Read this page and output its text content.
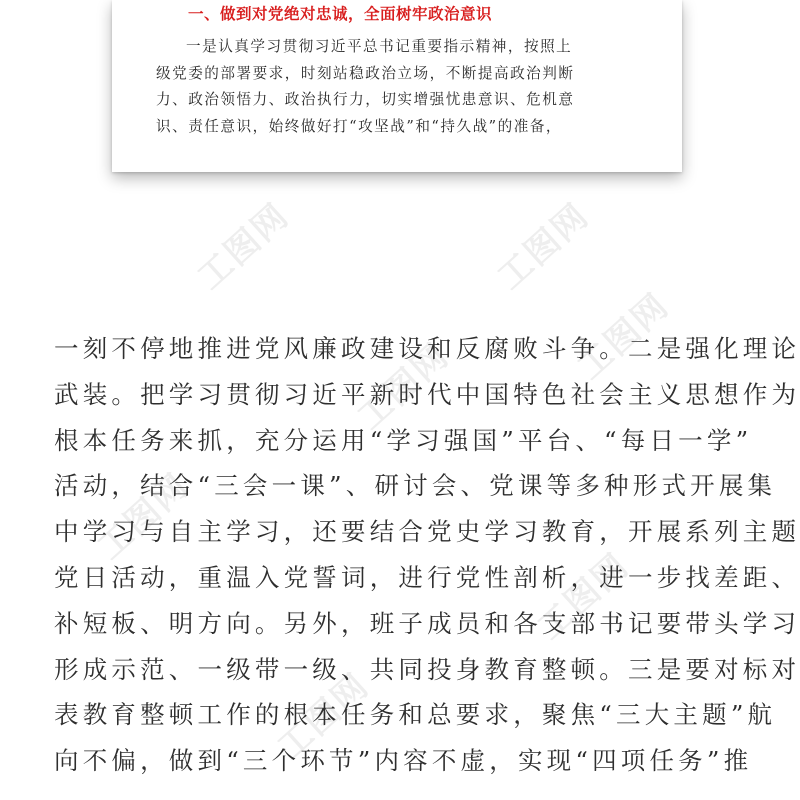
工图网	工图网
工图网
工图网
工图网
工图网
工图网
一、做到对党绝对忠诚，全面树牢政治意识
一是认真学习贯彻习近平总书记重要指示精神，按照上
级党委的部署要求，时刻站稳政治立场，不断提高政治判断
力、政治领悟力、政治执行力，切实增强忧患意识、危机意
识、责任意识，始终做好打“攻坚战”和“持久战”的准备，
一刻不停地推进党风廉政建设和反腐败斗争。二是强化理论
武装。把学习贯彻习近平新时代中国特色社会主义思想作为
根本任务来抓，充分运用“学习强国”平台、“每日一学”
活动，结合“三会一课”、研讨会、党课等多种形式开展集
中学习与自主学习，还要结合党史学习教育，开展系列主题
党日活动，重温入党誓词，进行党性剖析，进一步找差距、
补短板、明方向。另外，班子成员和各支部书记要带头学习
形成示范、一级带一级、共同投身教育整顿。三是要对标对
表教育整顿工作的根本任务和总要求，聚焦“三大主题”航
向不偏，做到“三个环节”内容不虚，实现“四项任务”推
